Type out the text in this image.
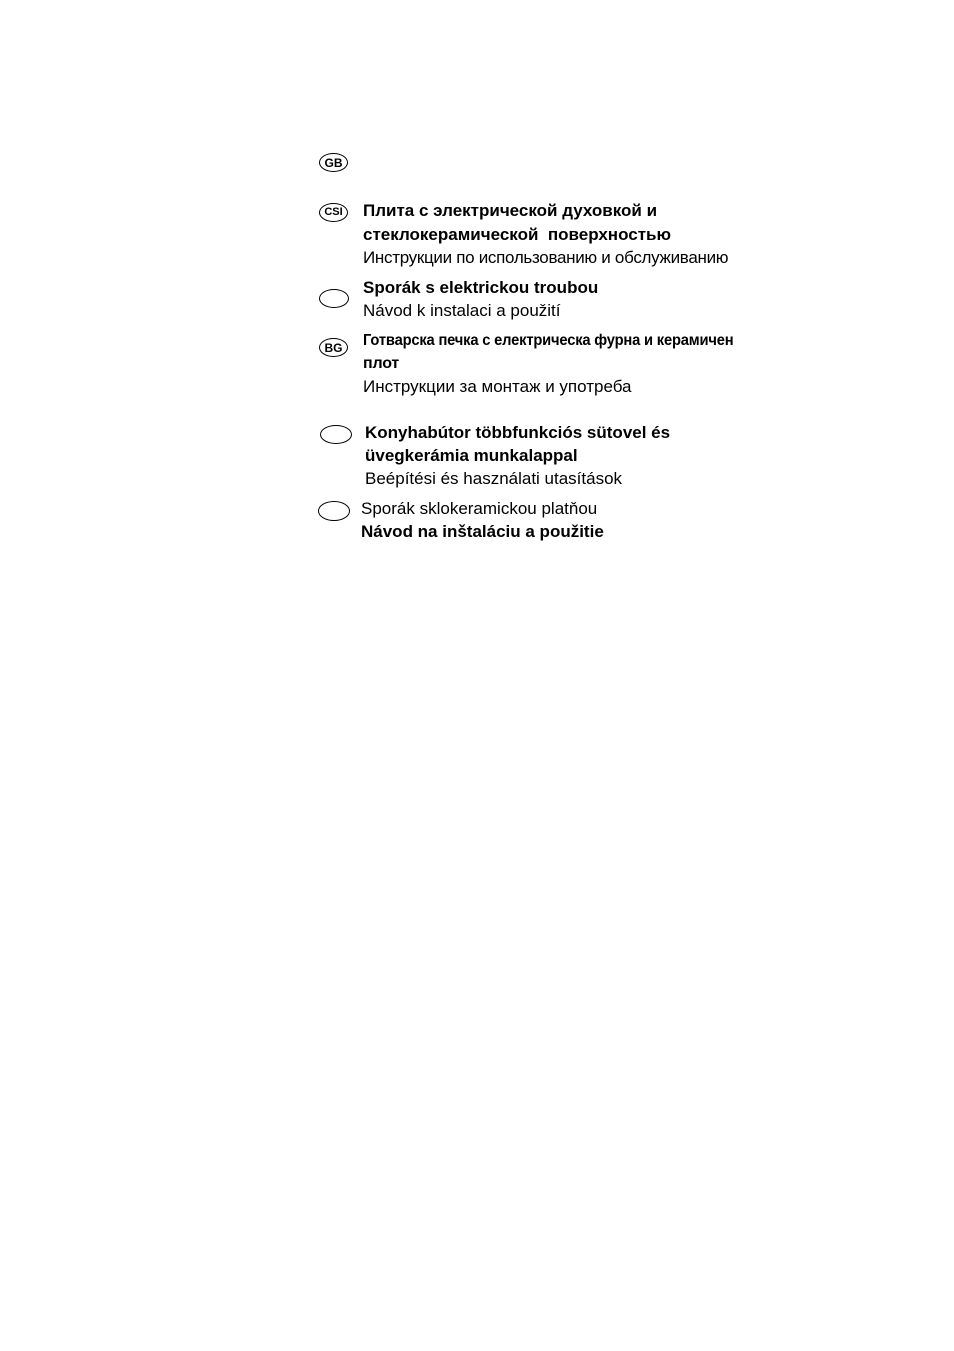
GB
CSI
BG
Плита с электрической духовкой и
стеклокерамической  поверхностью
Инструкции по использованию и обслуживанию
Sporák s elektrickou troubou
Návod k instalaci a použití
Готварска печка с електрическа фурна и керамичен
плот
Инструкции за монтаж и употреба
Konyhabútor többfunkciós sütovel és
üvegkerámia munkalappal
Beépítési és használati utasítások
Sporák sklokeramickou platňou
Návod na inštaláciu a použitie
